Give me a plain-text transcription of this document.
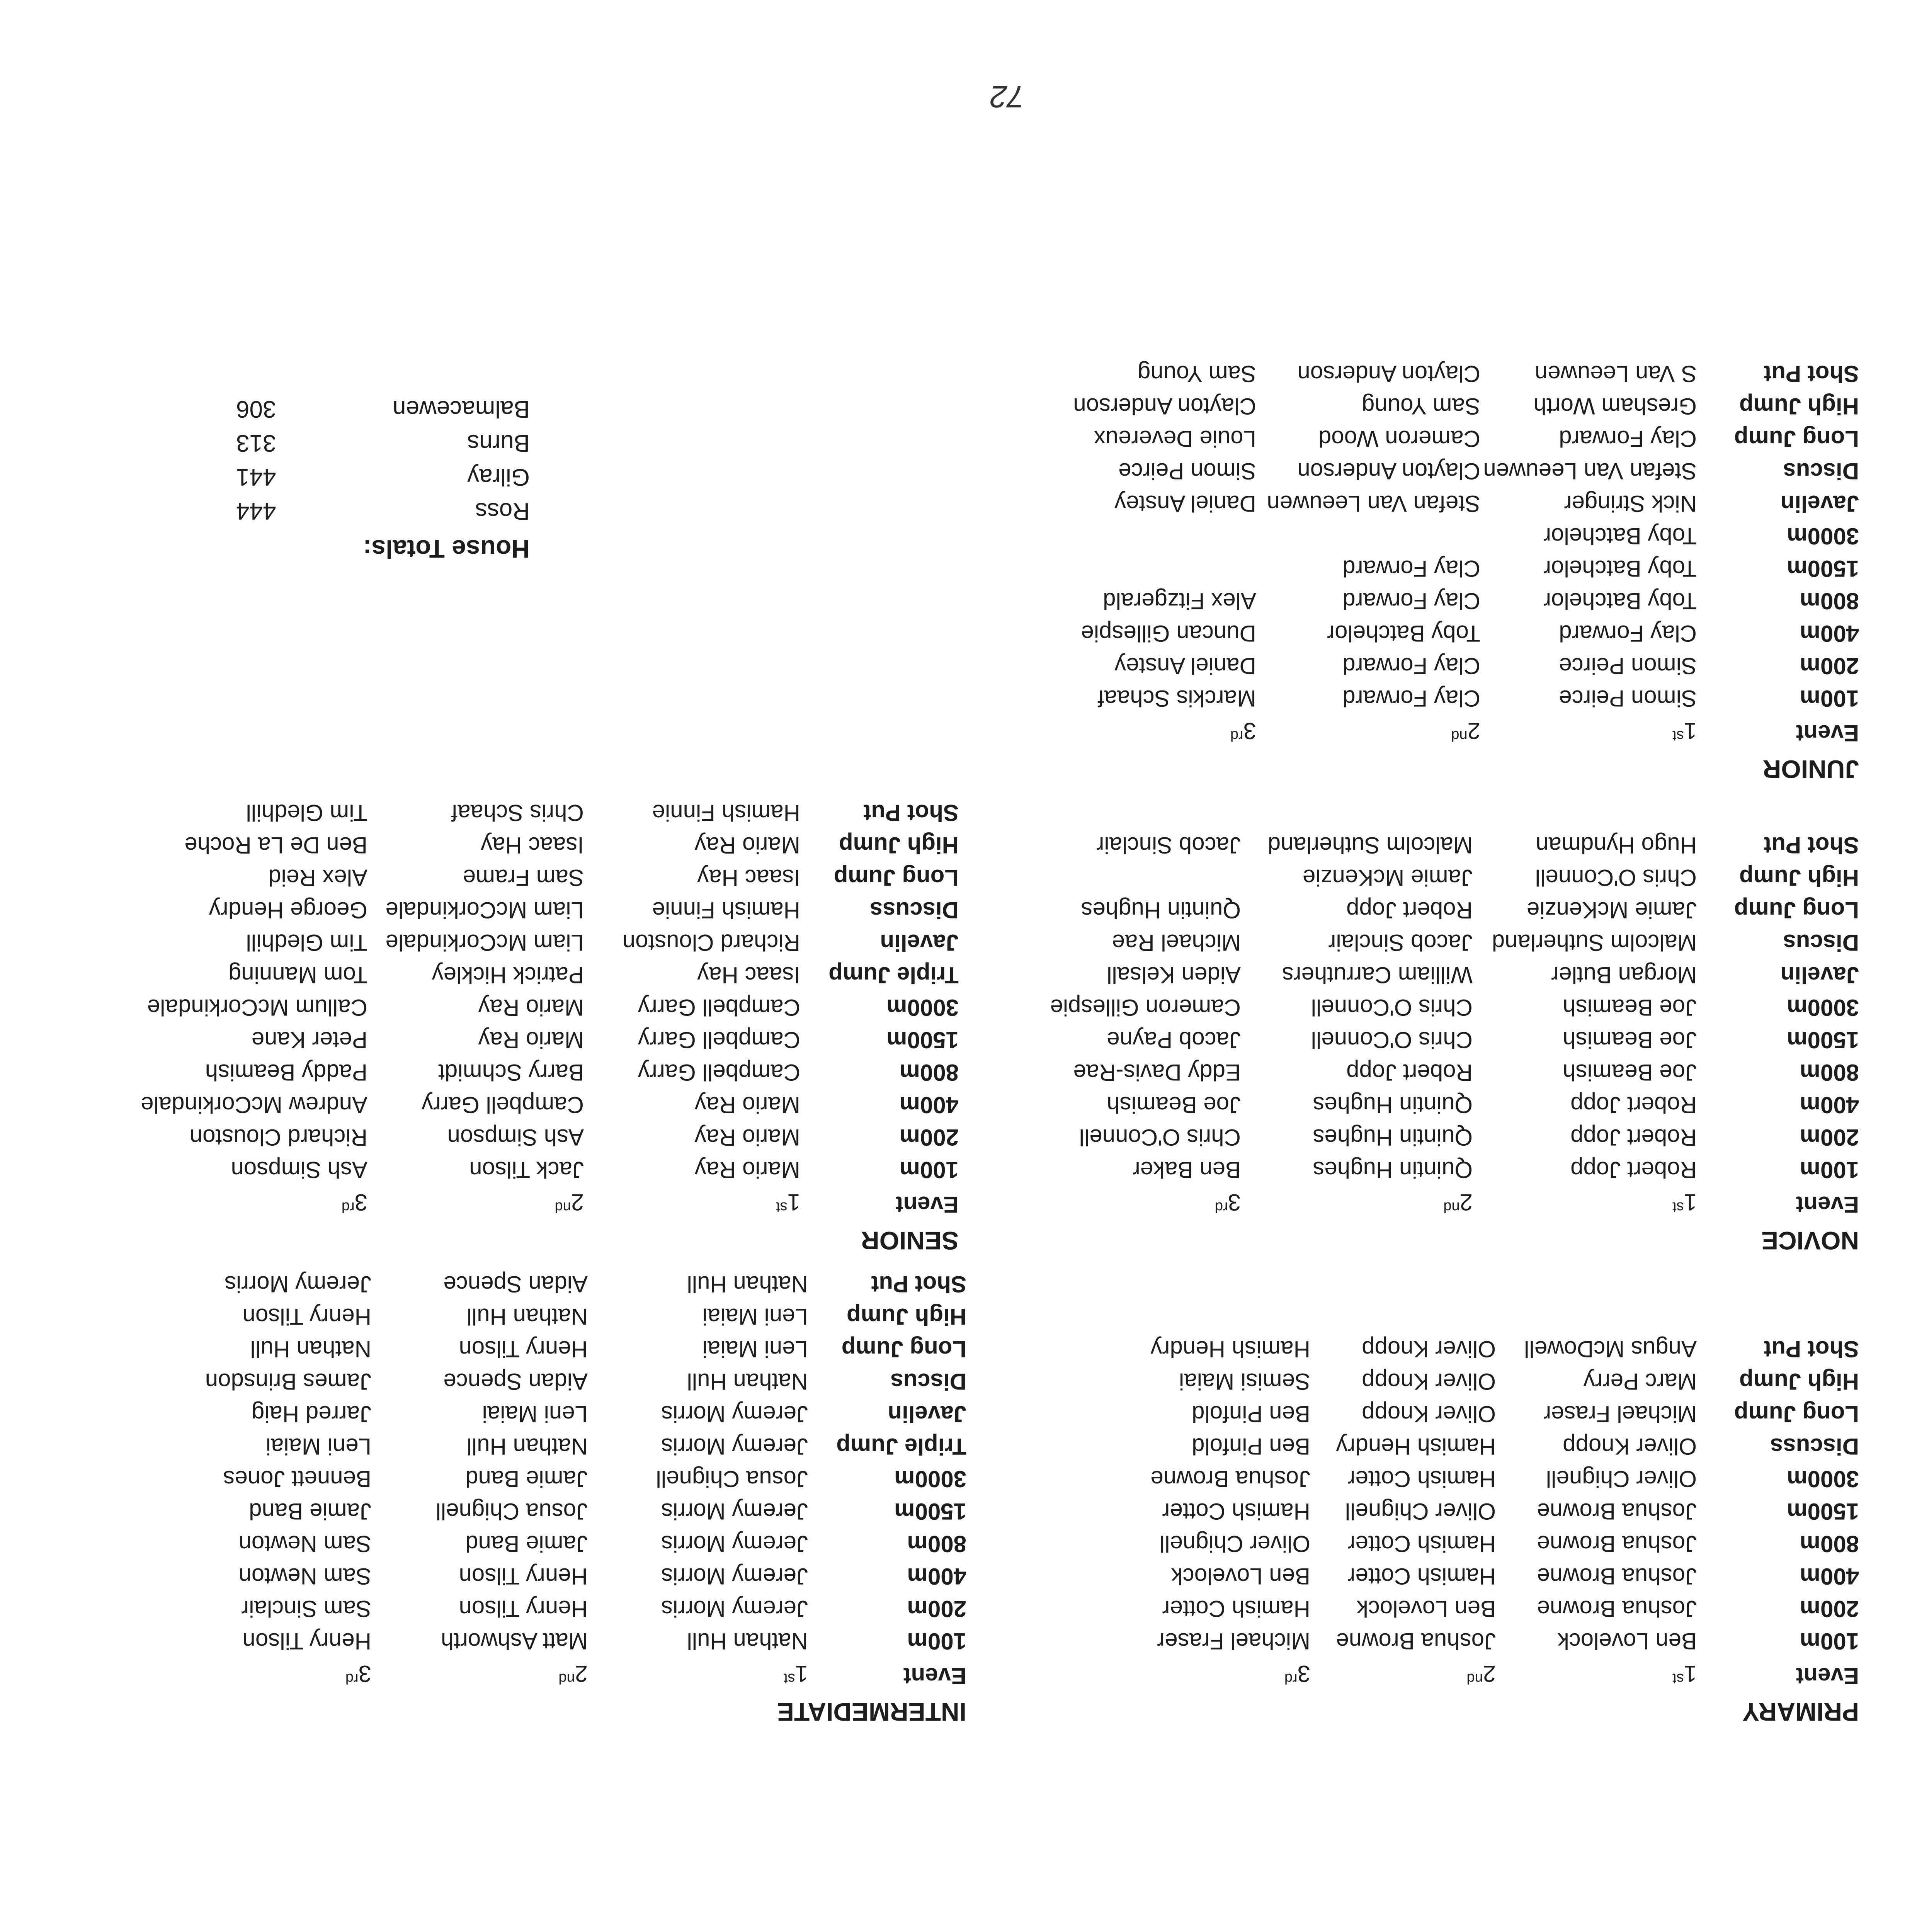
PRIMARY
Event	1st	2nd	3rd
100m	Ben Lovelock	Joshua Browne	Michael Fraser
200m	Joshua Browne	Ben Lovelock	Hamish Cotter
400m	Joshua Browne	Hamish Cotter	Ben Lovelock
800m	Joshua Browne	Hamish Cotter	Oliver Chignell
1500m	Joshua Browne	Oliver Chignell	Hamish Cotter
3000m	Oliver Chignell	Hamish Cotter	Joshua Browne
Discuss	Oliver Knopp	Hamish Hendry	Ben Pinfold
Long Jump	Michael Fraser	Oliver Knopp	Ben Pinfold
High Jump	Marc Perry	Oliver Knopp	Semisi Maiai
Shot Put	Angus McDowell	Oliver Knopp	Hamish Hendry
INTERMEDIATE
Event	1st	2nd	3rd
100m	Nathan Hull	Matt Ashworth	Henry Tilson
200m	Jeremy Morris	Henry Tilson	Sam Sinclair
400m	Jeremy Morris	Henry Tilson	Sam Newton
800m	Jeremy Morris	Jamie Band	Sam Newton
1500m	Jeremy Morris	Josua Chignell	Jamie Band
3000m	Josua Chignell	Jamie Band	Bennett Jones
Triple Jump	Jeremy Morris	Nathan Hull	Leni Maiai
Javelin	Jeremy Morris	Leni Maiai	Jarred Haig
Discus	Nathan Hull	Aidan Spence	James Brinsdon
Long Jump	Leni Maiai	Henry Tilson	Nathan Hull
High Jump	Leni Maiai	Nathan Hull	Henry Tilson
Shot Put	Nathan Hull	Aidan Spence	Jeremy Morris
NOVICE
Event	1st	2nd	3rd
100m	Robert Jopp	Quintin Hughes	Ben Baker
200m	Robert Jopp	Quintin Hughes	Chris O'Connell
400m	Robert Jopp	Quintin Hughes	Joe Beamish
800m	Joe Beamish	Robert Jopp	Eddy Davis-Rae
1500m	Joe Beamish	Chris O'Connell	Jacob Payne
3000m	Joe Beamish	Chris O'Connell	Cameron Gillespie
Javelin	Morgan Butler	William Carruthers	Aiden Kelsall
Discus	Malcolm Sutherland	Jacob Sinclair	Michael Rae
Long Jump	Jamie McKenzie	Robert Jopp	Quintin Hughes
High Jump	Chris O'Connell	Jamie McKenzie	
Shot Put	Hugo Hyndman	Malcolm Sutherland	Jacob Sinclair
SENIOR
Event	1st	2nd	3rd
100m	Mario Ray	Jack Tilson	Ash Simpson
200m	Mario Ray	Ash Simpson	Richard Clouston
400m	Mario Ray	Campbell Garry	Andrew McCorkindale
800m	Campbell Garry	Barry Schmidt	Paddy Beamish
1500m	Campbell Garry	Mario Ray	Peter Kane
3000m	Campbell Garry	Mario Ray	Callum McCorkindale
Triple Jump	Isaac Hay	Patrick Hickley	Tom Manning
Javelin	Richard Clouston	Liam McCorkindale	Tim Gledhill
Discuss	Hamish Finnie	Liam McCorkindale	George Hendry
Long Jump	Isaac Hay	Sam Frame	Alex Reid
High Jump	Mario Ray	Isaac Hay	Ben De La Roche
Shot Put	Hamish Finnie	Chris Schaaf	Tim Gledhill
JUNIOR
Event	1st	2nd	3rd
100m	Simon Peirce	Clay Forward	Marckis Schaaf
200m	Simon Peirce	Clay Forward	Daniel Anstey
400m	Clay Forward	Toby Batchelor	Duncan Gillespie
800m	Toby Batchelor	Clay Forward	Alex Fitzgerald
1500m	Toby Batchelor	Clay Forward	
3000m	Toby Batchelor		
Javelin	Nick Stringer	Stefan Van Leeuwen	Daniel Anstey
Discus	Stefan Van Leeuwen	Clayton Anderson	Simon Peirce
Long Jump	Clay Forward	Cameron Wood	Louie Deverеux
High Jump	Gresham Worth	Sam Young	Clayton Anderson
Shot Put	S Van Leeuwen	Clayton Anderson	Sam Young
House Totals:
Ross	444
Gilray	441
Burns	313
Balmacewen	306
72
